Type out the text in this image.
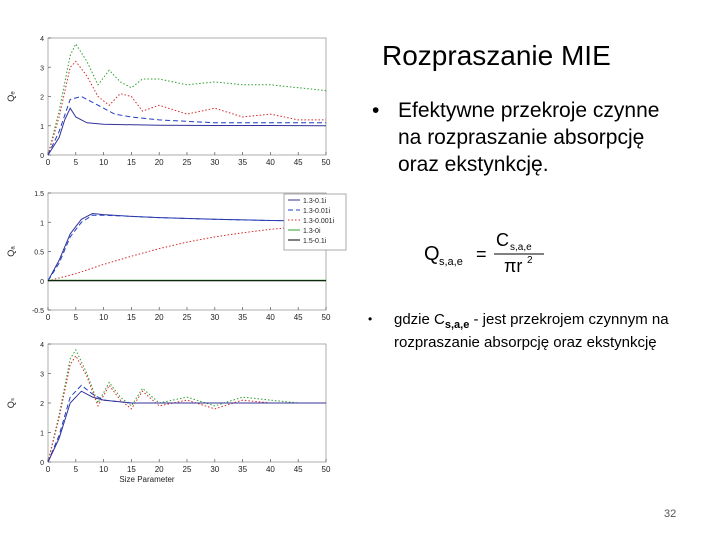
0	5	10 15 20 25 30 35 40 45 50
0
1
2
3
4
Qₑ
0	5	10 15 20 25 30 35 40 45 50
-0.5
0
0.5
1
1.5
Qₐ
1.3-0.1i
1.3-0.01i
1.3-0.001i
1.3-0i
1.5-0.1i
0	5	10 15 20 25 30 35 40 45 50
0
1
2
3
4
Qₛ
Size Parameter
Rozpraszanie MIE
• Efektywne przekroje czynne na rozpraszanie absorpcję oraz ekstynkcję.
Q s,a,e =
C s,a,e
πr 2
• gdzie $C_{s,a,e}$ - jest przekrojem czynnym na rozpraszanie absorpcję oraz ekstynkcję
32
